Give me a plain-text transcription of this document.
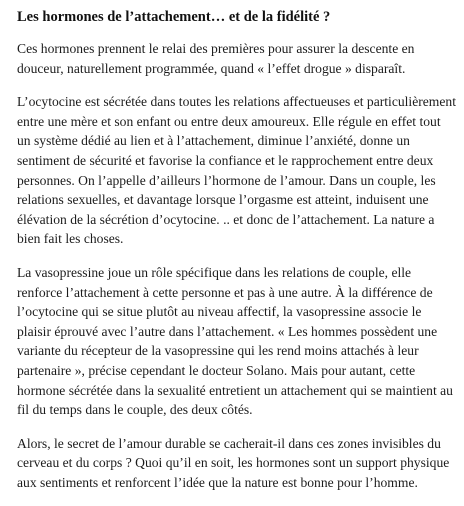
Les hormones de l’attachement… et de la fidélité ?

Ces hormones prennent le relai des premières pour assurer la descente en douceur, naturellement programmée, quand « l’effet drogue » disparaît.

L’ocytocine est sécrétée dans toutes les relations affectueuses et particulièrement entre une mère et son enfant ou entre deux amoureux. Elle régule en effet tout un système dédié au lien et à l’attachement, diminue l’anxiété, donne un sentiment de sécurité et favorise la confiance et le rapprochement entre deux personnes. On l’appelle d’ailleurs l’hormone de l’amour. Dans un couple, les relations sexuelles, et davantage lorsque l’orgasme est atteint, induisent une élévation de la sécrétion d’ocytocine. .. et donc de l’attachement. La nature a bien fait les choses.

La vasopressine joue un rôle spécifique dans les relations de couple, elle renforce l’attachement à cette personne et pas à une autre. À la différence de l’ocytocine qui se situe plutôt au niveau affectif, la vasopressine associe le plaisir éprouvé avec l’autre dans l’attachement. « Les hommes possèdent une variante du récepteur de la vasopressine qui les rend moins attachés à leur partenaire », précise cependant le docteur Solano. Mais pour autant, cette hormone sécrétée dans la sexualité entretient un attachement qui se maintient au fil du temps dans le couple, des deux côtés.

Alors, le secret de l’amour durable se cacherait-il dans ces zones invisibles du cerveau et du corps ? Quoi qu’il en soit, les hormones sont un support physique aux sentiments et renforcent l’idée que la nature est bonne pour l’homme.
